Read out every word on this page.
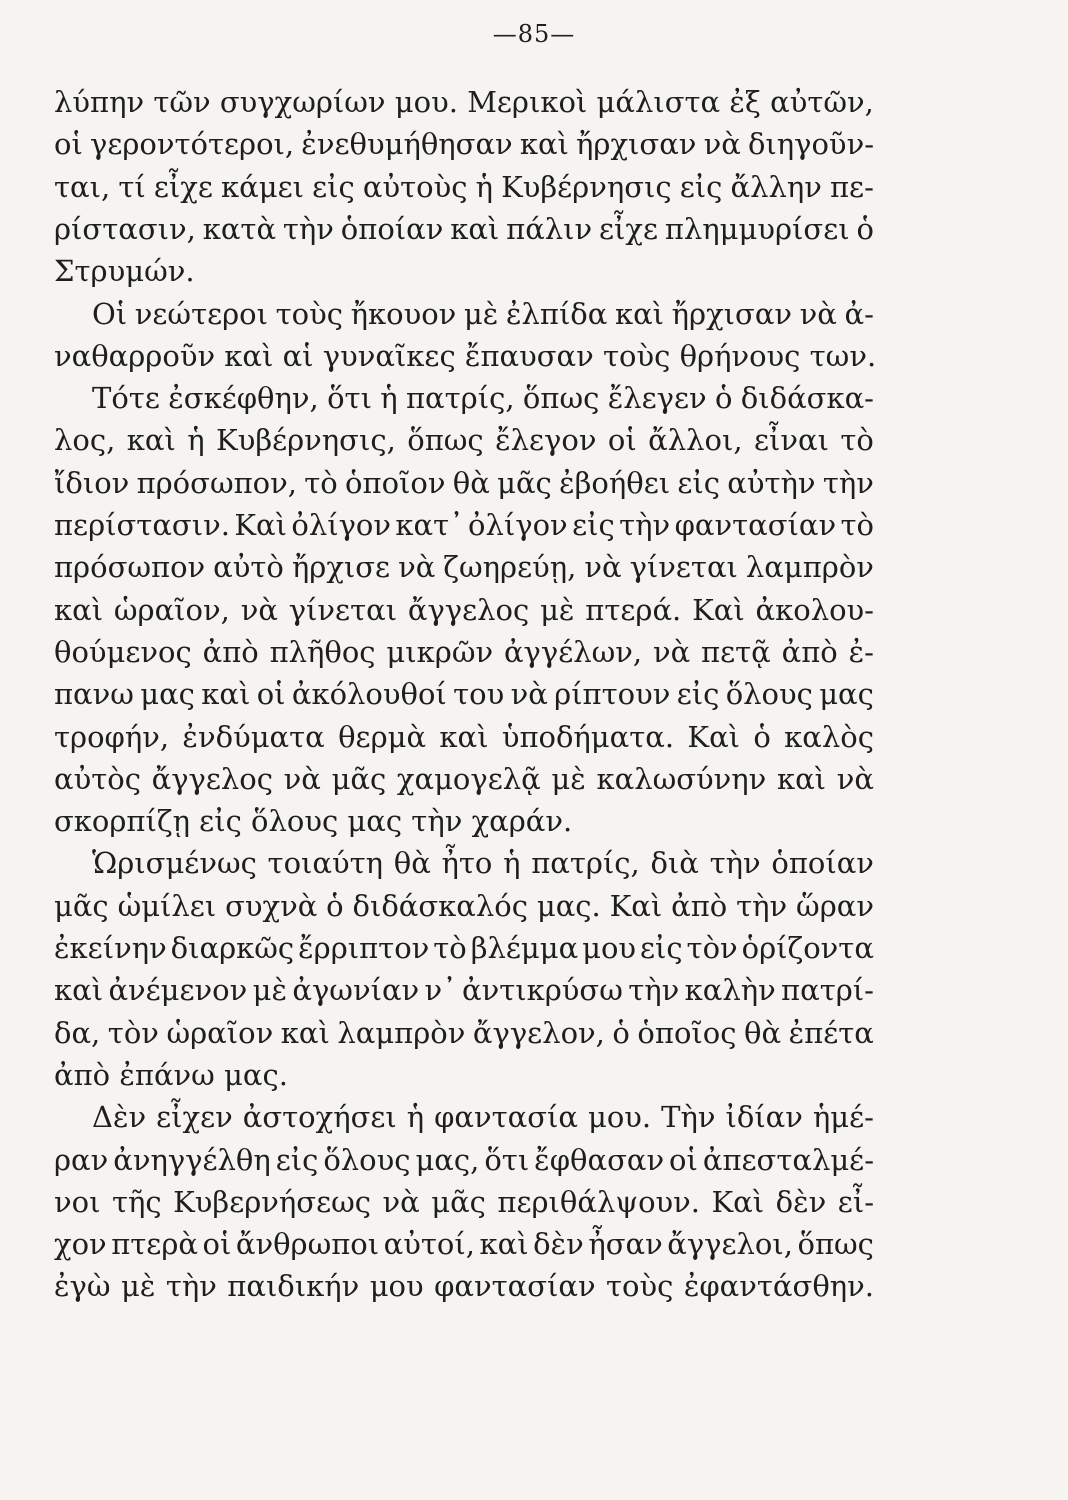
—85—
λύπην τῶν συγχωρίων μου. Μερικοὶ μάλιστα ἐξ αὐτῶν,
οἱ γεροντότεροι, ἐνεθυμήθησαν καὶ ἤρχισαν νὰ διηγοῦν-
ται, τί εἶχε κάμει εἰς αὐτοὺς ἡ Κυβέρνησις εἰς ἄλλην πε-
ρίστασιν, κατὰ τὴν ὁποίαν καὶ πάλιν εἶχε πλημμυρίσει ὁ
Στρυμών.
Οἱ νεώτεροι τοὺς ἤκουον μὲ ἐλπίδα καὶ ἤρχισαν νὰ ἀ-
ναθαρροῦν καὶ αἱ γυναῖκες ἔπαυσαν τοὺς θρήνους των.
Τότε ἐσκέφθην, ὅτι ἡ πατρίς, ὅπως ἔλεγεν ὁ διδάσκα-
λος, καὶ ἡ Κυβέρνησις, ὅπως ἔλεγον οἱ ἄλλοι, εἶναι τὸ
ἴδιον πρόσωπον, τὸ ὁποῖον θὰ μᾶς ἐβοήθει εἰς αὐτὴν τὴν
περίστασιν. Καὶ ὀλίγον κατ᾿ ὀλίγον εἰς τὴν φαντασίαν τὸ
πρόσωπον αὐτὸ ἤρχισε νὰ ζωηρεύῃ, νὰ γίνεται λαμπρὸν
καὶ ὡραῖον, νὰ γίνεται ἄγγελος μὲ πτερά. Καὶ ἀκολου-
θούμενος ἀπὸ πλῆθος μικρῶν ἀγγέλων, νὰ πετᾷ ἀπὸ ἐ-
πανω μας καὶ οἱ ἀκόλουθοί του νὰ ρίπτουν εἰς ὅλους μας
τροφήν, ἐνδύματα θερμὰ καὶ ὑποδήματα. Καὶ ὁ καλὸς
αὐτὸς ἄγγελος νὰ μᾶς χαμογελᾷ μὲ καλωσύνην καὶ νὰ
σκορπίζῃ εἰς ὅλους μας τὴν χαράν.
Ὡρισμένως τοιαύτη θὰ ἦτο ἡ πατρίς, διὰ τὴν ὁποίαν
μᾶς ὡμίλει συχνὰ ὁ διδάσκαλός μας. Καὶ ἀπὸ τὴν ὥραν
ἐκείνην διαρκῶς ἔρριπτον τὸ βλέμμα μου εἰς τὸν ὁρίζοντα
καὶ ἀνέμενον μὲ ἀγωνίαν ν᾿ ἀντικρύσω τὴν καλὴν πατρί-
δα, τὸν ὡραῖον καὶ λαμπρὸν ἄγγελον, ὁ ὁποῖος θὰ ἐπέτα
ἀπὸ ἐπάνω μας.
Δὲν εἶχεν ἀστοχήσει ἡ φαντασία μου. Τὴν ἰδίαν ἡμέ-
ραν ἀνηγγέλθη εἰς ὅλους μας, ὅτι ἔφθασαν οἱ ἀπεσταλμέ-
νοι τῆς Κυβερνήσεως νὰ μᾶς περιθάλψουν. Καὶ δὲν εἶ-
χον πτερὰ οἱ ἄνθρωποι αὐτοί, καὶ δὲν ἦσαν ἄγγελοι, ὅπως
ἐγὼ μὲ τὴν παιδικήν μου φαντασίαν τοὺς ἐφαντάσθην.
